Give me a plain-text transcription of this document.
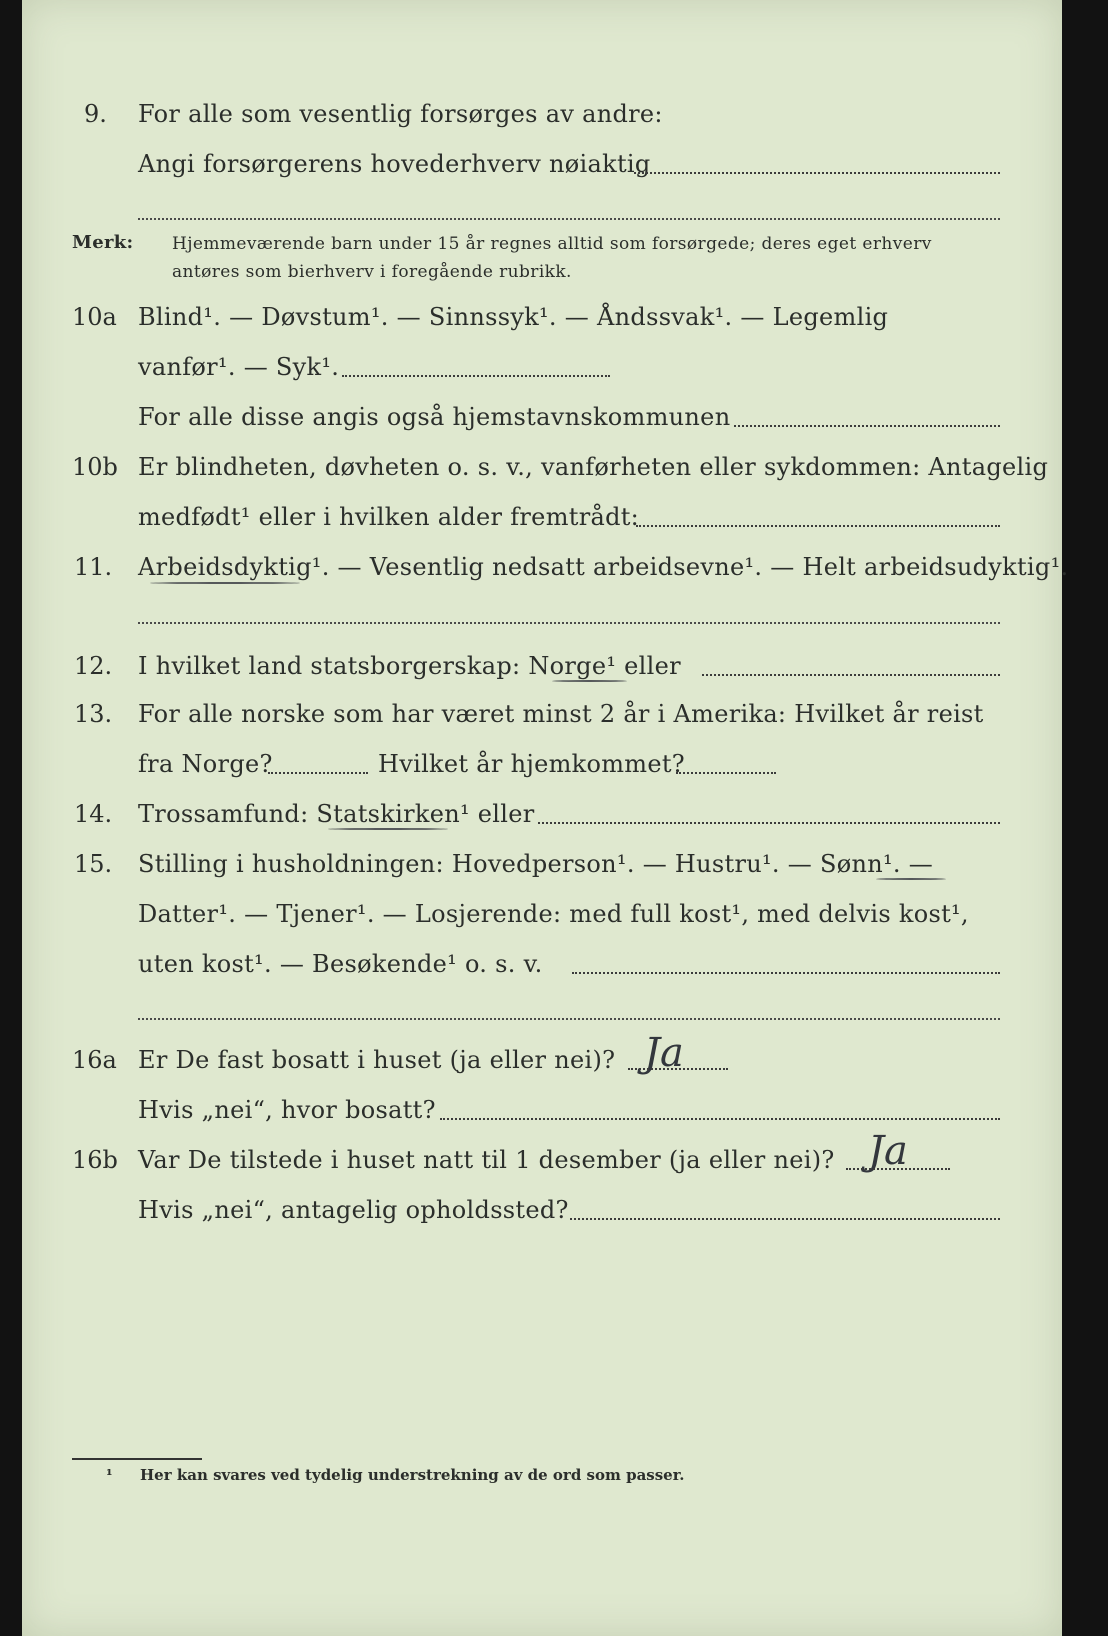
9. For alle som vesentlig forsørges av andre:
Angi forsørgerens hovederhverv nøiaktig
Merk: Hjemmeværende barn under 15 år regnes alltid som forsørgede; deres eget erhverv
antøres som bierhverv i foregående rubrikk.
10a Blind¹. — Døvstum¹. — Sinnssyk¹. — Åndssvak¹. — Legemlig
vanfør¹. — Syk¹.
For alle disse angis også hjemstavnskommunen
10b Er blindheten, døvheten o. s. v., vanførheten eller sykdommen: Antagelig
medfødt¹ eller i hvilken alder fremtrådt:
11. Arbeidsdyktig¹. — Vesentlig nedsatt arbeidsevne¹. — Helt arbeidsudyktig¹.
12. I hvilket land statsborgerskap: Norge¹ eller
13. For alle norske som har været minst 2 år i Amerika: Hvilket år reist
fra Norge?	Hvilket år hjemkommet?
14. Trossamfund: Statskirken¹ eller
15. Stilling i husholdningen: Hovedperson¹. — Hustru¹. — Sønn¹. —
Datter¹. — Tjener¹. — Losjerende: med full kost¹, med delvis kost¹,
uten kost¹. — Besøkende¹ o. s. v.
16a Er De fast bosatt i huset (ja eller nei)? Ja
Hvis „nei“, hvor bosatt?
16b Var De tilstede i huset natt til 1 desember (ja eller nei)? Ja
Hvis „nei“, antagelig opholdssted?
¹ Her kan svares ved tydelig understrekning av de ord som passer.
